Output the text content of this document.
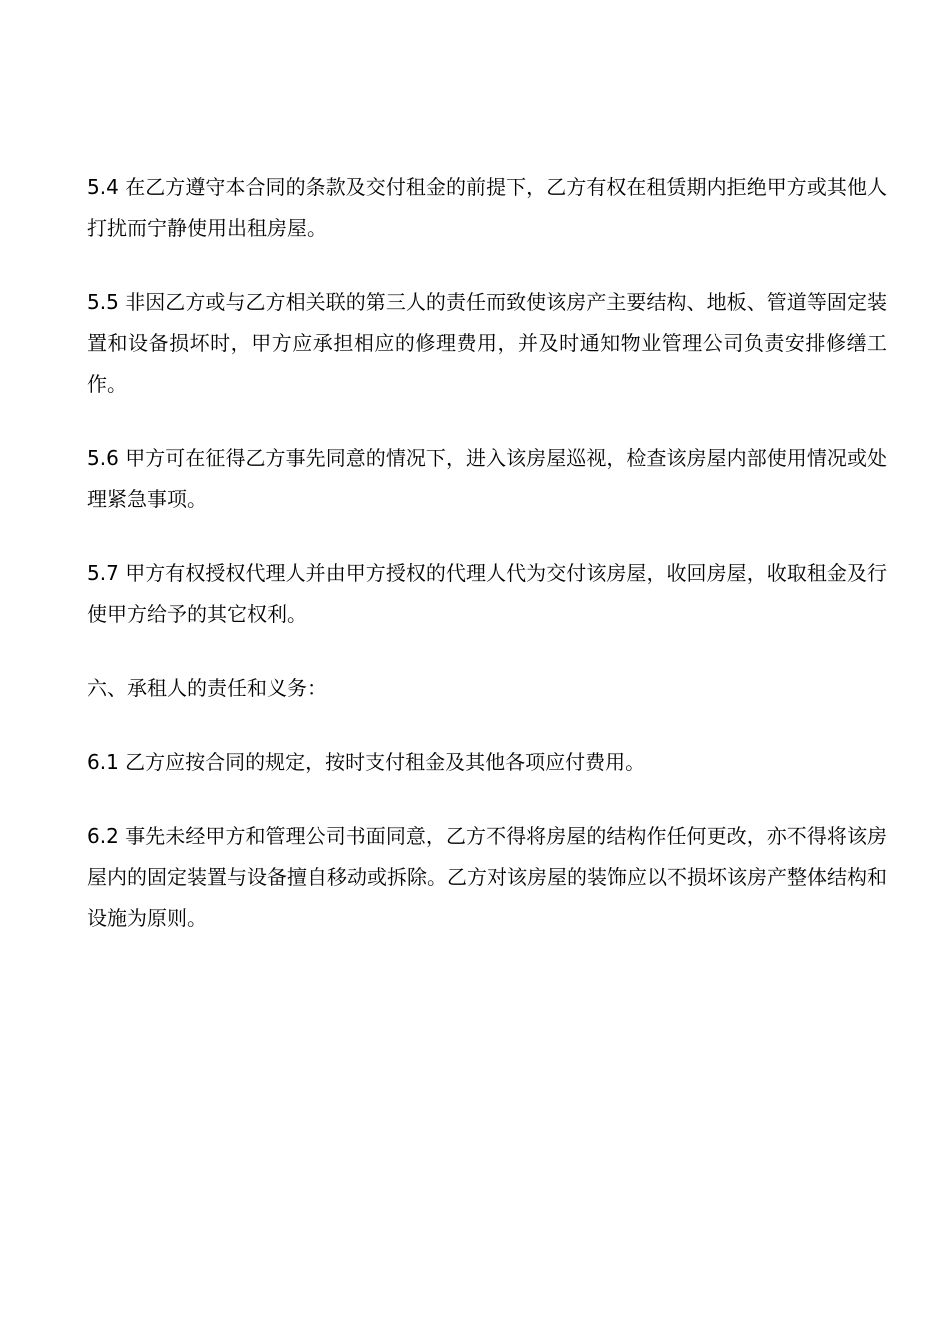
5.4 在乙方遵守本合同的条款及交付租金的前提下，乙方有权在租赁期内拒绝甲方或其他人打扰而宁静使用出租房屋。

5.5 非因乙方或与乙方相关联的第三人的责任而致使该房产主要结构、地板、管道等固定装置和设备损坏时，甲方应承担相应的修理费用，并及时通知物业管理公司负责安排修缮工作。

5.6 甲方可在征得乙方事先同意的情况下，进入该房屋巡视，检查该房屋内部使用情况或处理紧急事项。

5.7 甲方有权授权代理人并由甲方授权的代理人代为交付该房屋，收回房屋，收取租金及行使甲方给予的其它权利。

六、承租人的责任和义务：

6.1 乙方应按合同的规定，按时支付租金及其他各项应付费用。

6.2 事先未经甲方和管理公司书面同意，乙方不得将房屋的结构作任何更改，亦不得将该房屋内的固定装置与设备擅自移动或拆除。乙方对该房屋的装饰应以不损坏该房产整体结构和设施为原则。
